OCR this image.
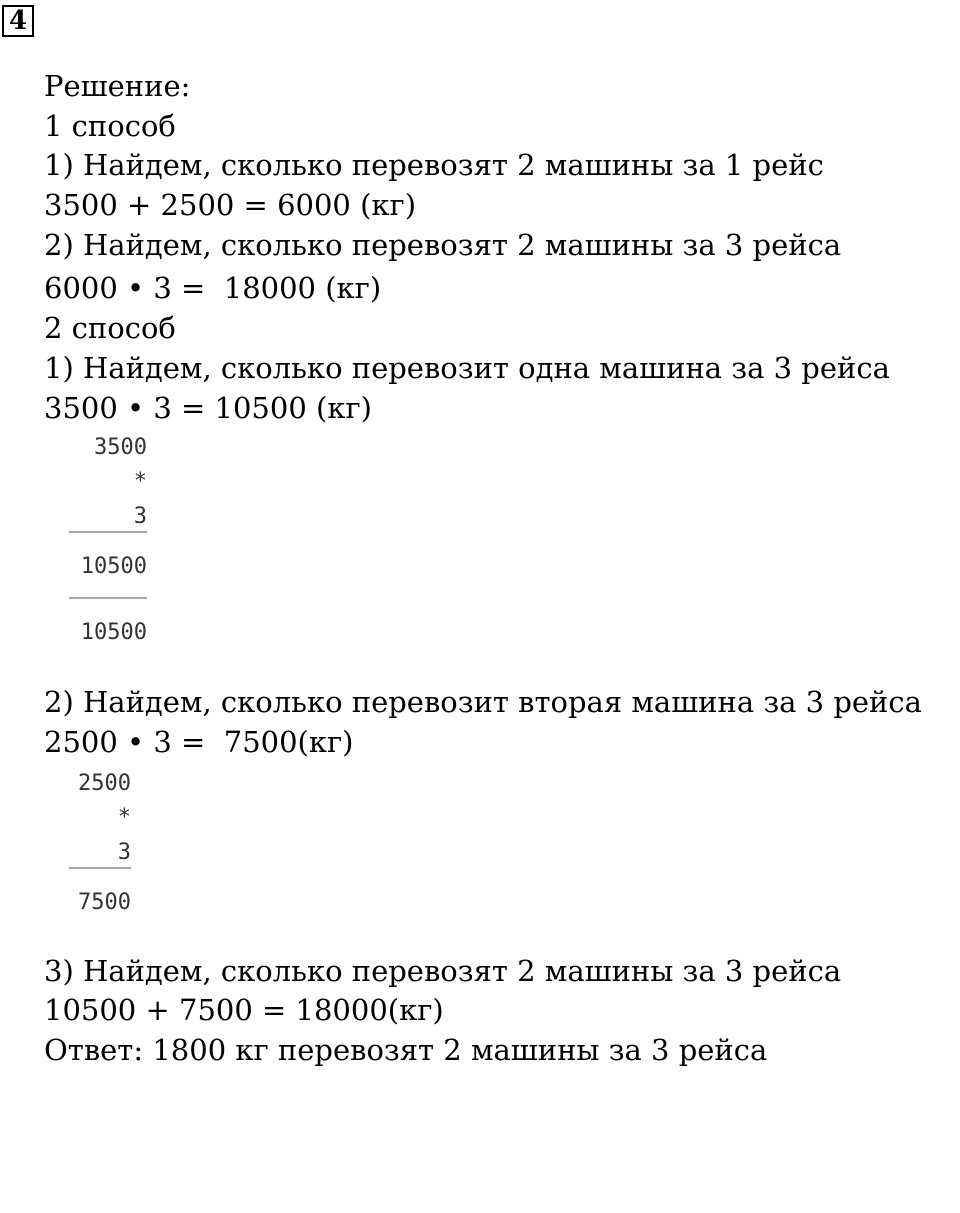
4
Решение:
1 способ
1) Найдем, сколько перевозят 2 машины за 1 рейс
3500 + 2500 = 6000 (кг)
2) Найдем, сколько перевозят 2 машины за 3 рейса
6000 • 3 =  18000 (кг)
2 способ
1) Найдем, сколько перевозит одна машина за 3 рейса
3500 • 3 = 10500 (кг)
3500
*
3
10500
10500
2) Найдем, сколько перевозит вторая машина за 3 рейса
2500 • 3 =  7500(кг)
2500
*
3
7500
3) Найдем, сколько перевозят 2 машины за 3 рейса
10500 + 7500 = 18000(кг)
Ответ: 1800 кг перевозят 2 машины за 3 рейса
